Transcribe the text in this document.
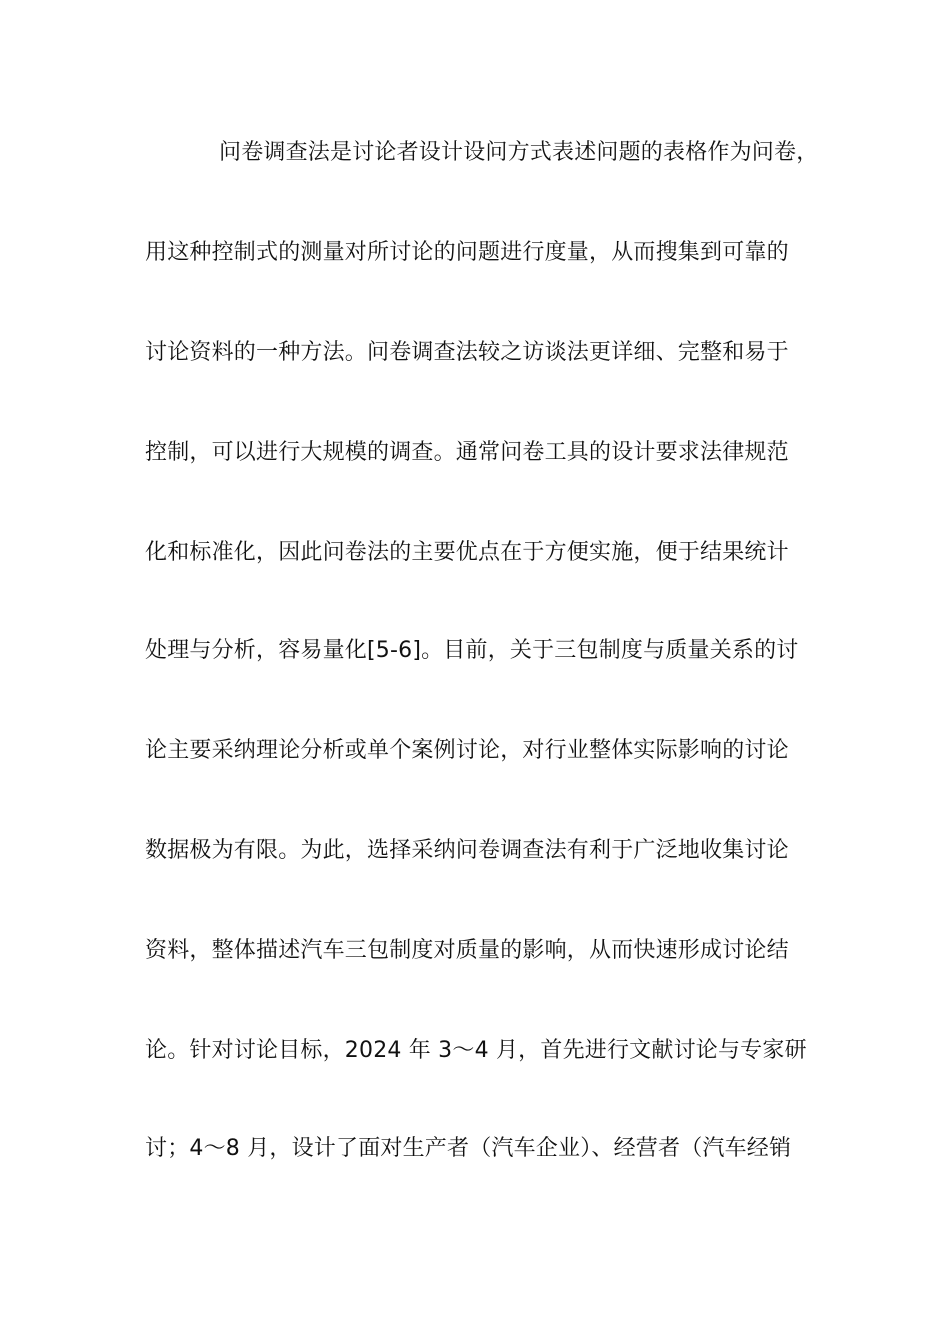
问卷调查法是讨论者设计设问方式表述问题的表格作为问卷，
用这种控制式的测量对所讨论的问题进行度量，从而搜集到可靠的
讨论资料的一种方法。问卷调查法较之访谈法更详细、完整和易于
控制，可以进行大规模的调查。通常问卷工具的设计要求法律规范
化和标准化，因此问卷法的主要优点在于方便实施，便于结果统计
处理与分析，容易量化[5-6]。目前，关于三包制度与质量关系的讨
论主要采纳理论分析或单个案例讨论，对行业整体实际影响的讨论
数据极为有限。为此，选择采纳问卷调查法有利于广泛地收集讨论
资料，整体描述汽车三包制度对质量的影响，从而快速形成讨论结
论。针对讨论目标，2024 年 3～4 月，首先进行文献讨论与专家研
讨；4～8 月，设计了面对生产者（汽车企业）、经营者（汽车经销
